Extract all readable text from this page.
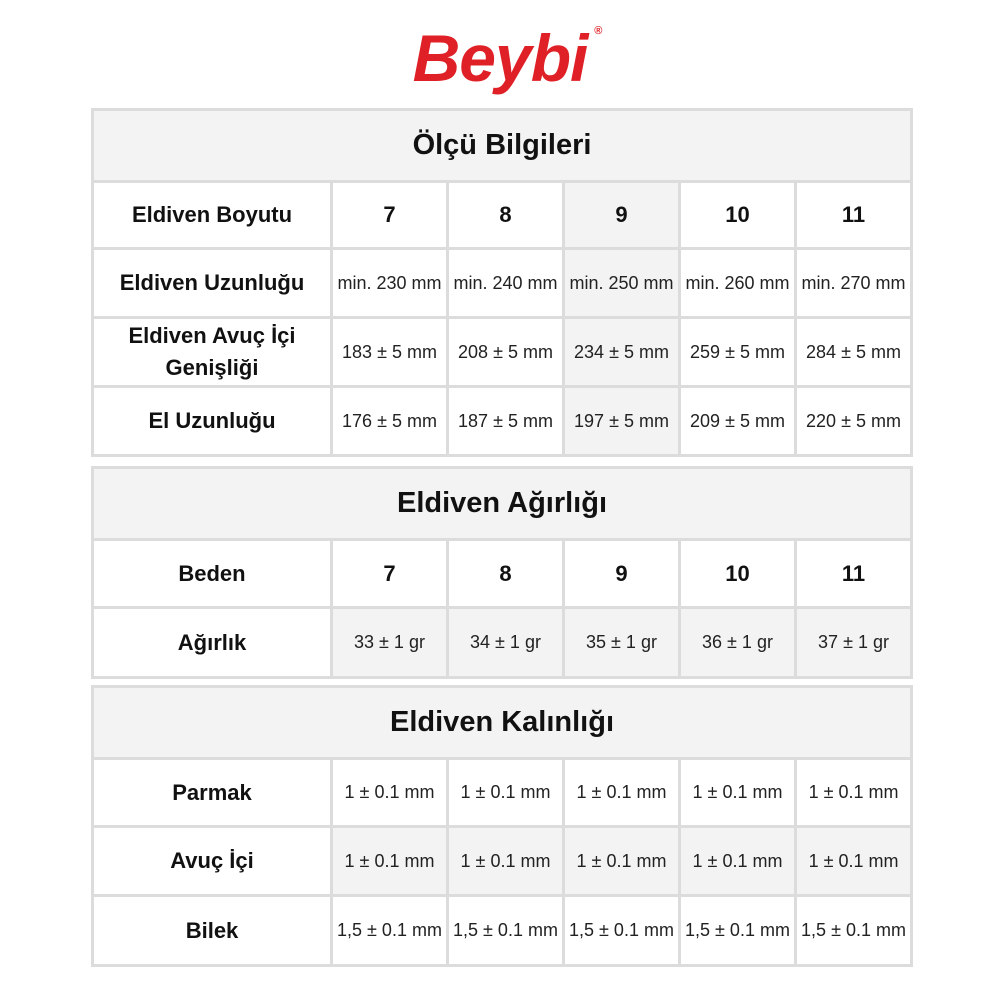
Beybi ®
Ölçü Bilgileri					
Eldiven Boyutu	7	8	9	10	11
Eldiven Uzunluğu	min. 230 mm	min. 240 mm	min. 250 mm	min. 260 mm	min. 270 mm
Eldiven Avuç İçi Genişliği	183 ± 5 mm	208 ± 5 mm	234 ± 5 mm	259 ± 5 mm	284 ± 5 mm
El Uzunluğu	176 ± 5 mm	187 ± 5 mm	197 ± 5 mm	209 ± 5 mm	220 ± 5 mm
Eldiven Ağırlığı					
Beden	7	8	9	10	11
Ağırlık	33 ± 1 gr	34 ± 1 gr	35 ± 1 gr	36 ± 1 gr	37 ± 1 gr
Eldiven Kalınlığı					
Parmak	1 ± 0.1 mm	1 ± 0.1 mm	1 ± 0.1 mm	1 ± 0.1 mm	1 ± 0.1 mm
Avuç İçi	1 ± 0.1 mm	1 ± 0.1 mm	1 ± 0.1 mm	1 ± 0.1 mm	1 ± 0.1 mm
Bilek	1,5 ± 0.1 mm	1,5 ± 0.1 mm	1,5 ± 0.1 mm	1,5 ± 0.1 mm	1,5 ± 0.1 mm
